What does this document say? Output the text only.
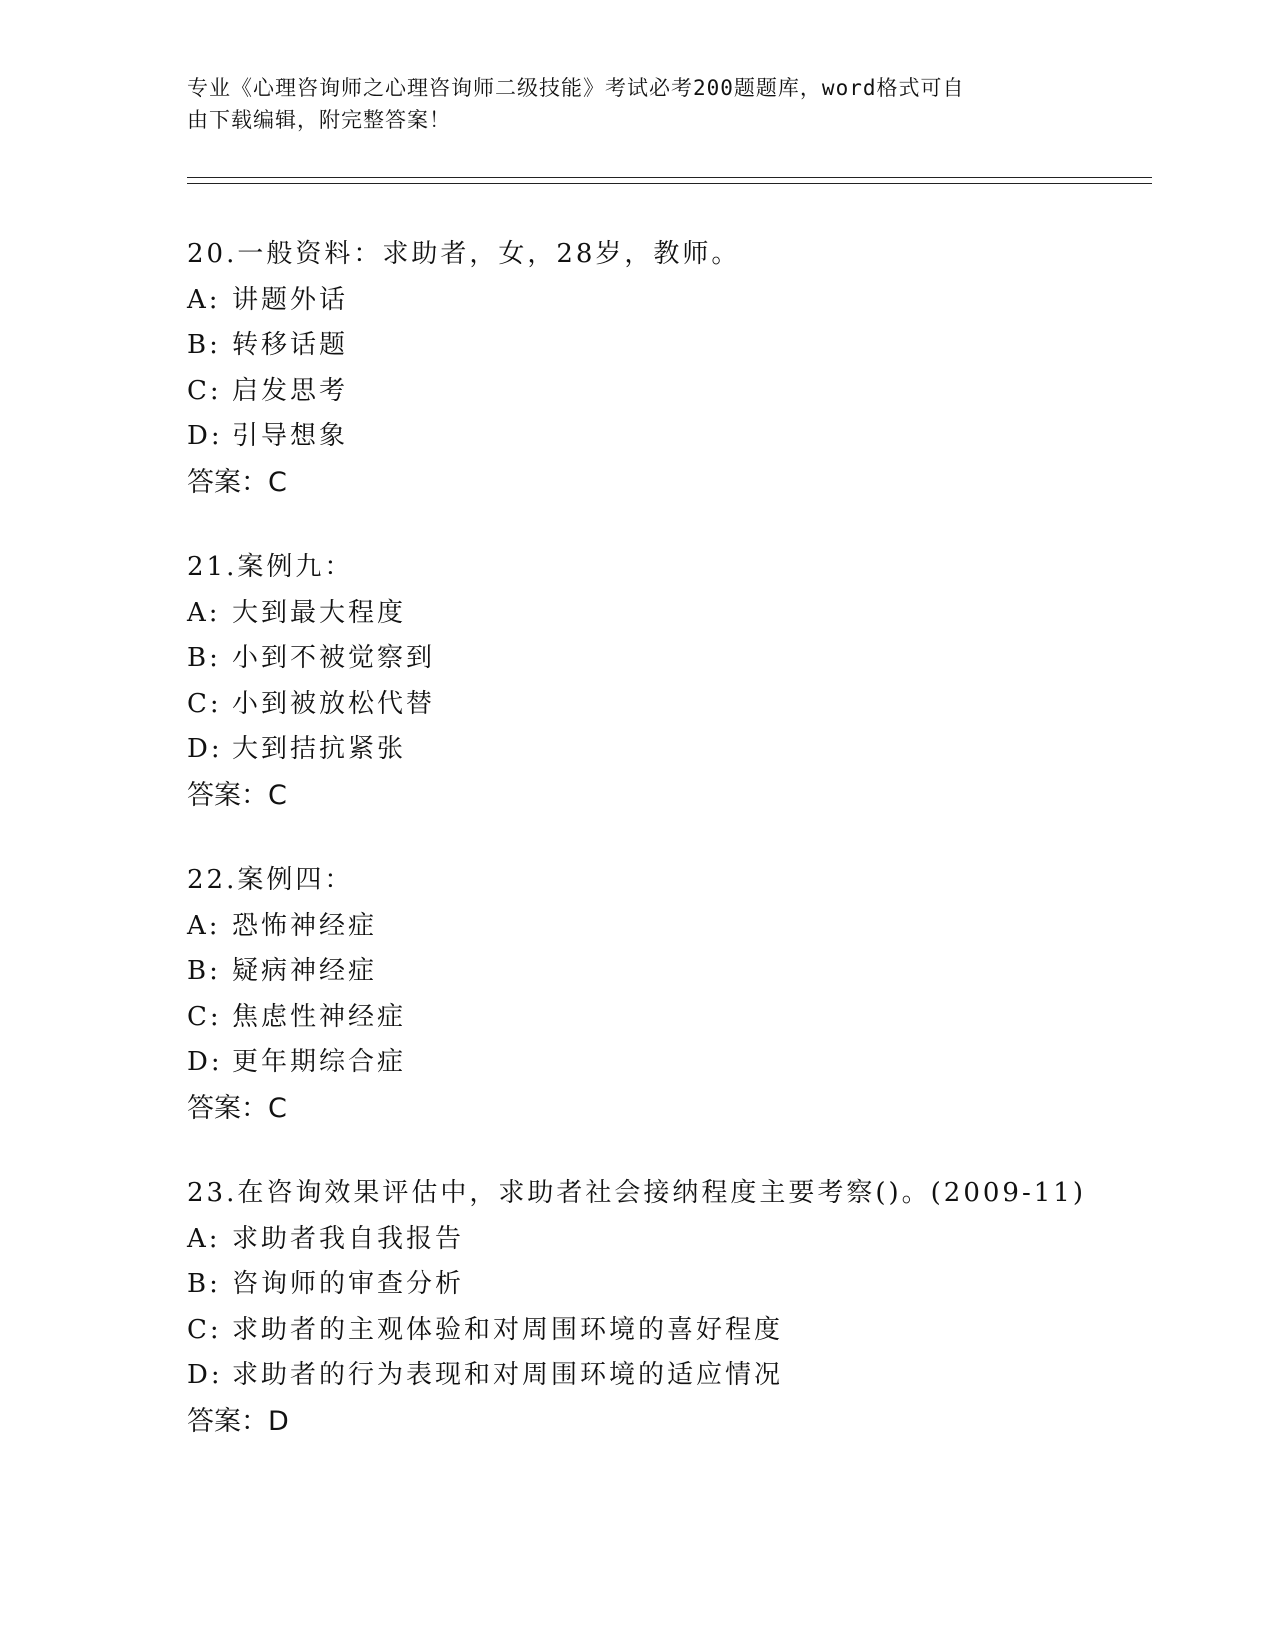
专业《心理咨询师之心理咨询师二级技能》考试必考200题题库，word格式可自
由下载编辑，附完整答案！
20.一般资料：求助者，女，28岁，教师。
A: 讲题外话
B: 转移话题
C: 启发思考
D: 引导想象
答案：C
21.案例九：
A: 大到最大程度
B: 小到不被觉察到
C: 小到被放松代替
D: 大到拮抗紧张
答案：C
22.案例四：
A: 恐怖神经症
B: 疑病神经症
C: 焦虑性神经症
D: 更年期综合症
答案：C
23.在咨询效果评估中，求助者社会接纳程度主要考察()。(2009-11)
A: 求助者我自我报告
B: 咨询师的审查分析
C: 求助者的主观体验和对周围环境的喜好程度
D: 求助者的行为表现和对周围环境的适应情况
答案：D
